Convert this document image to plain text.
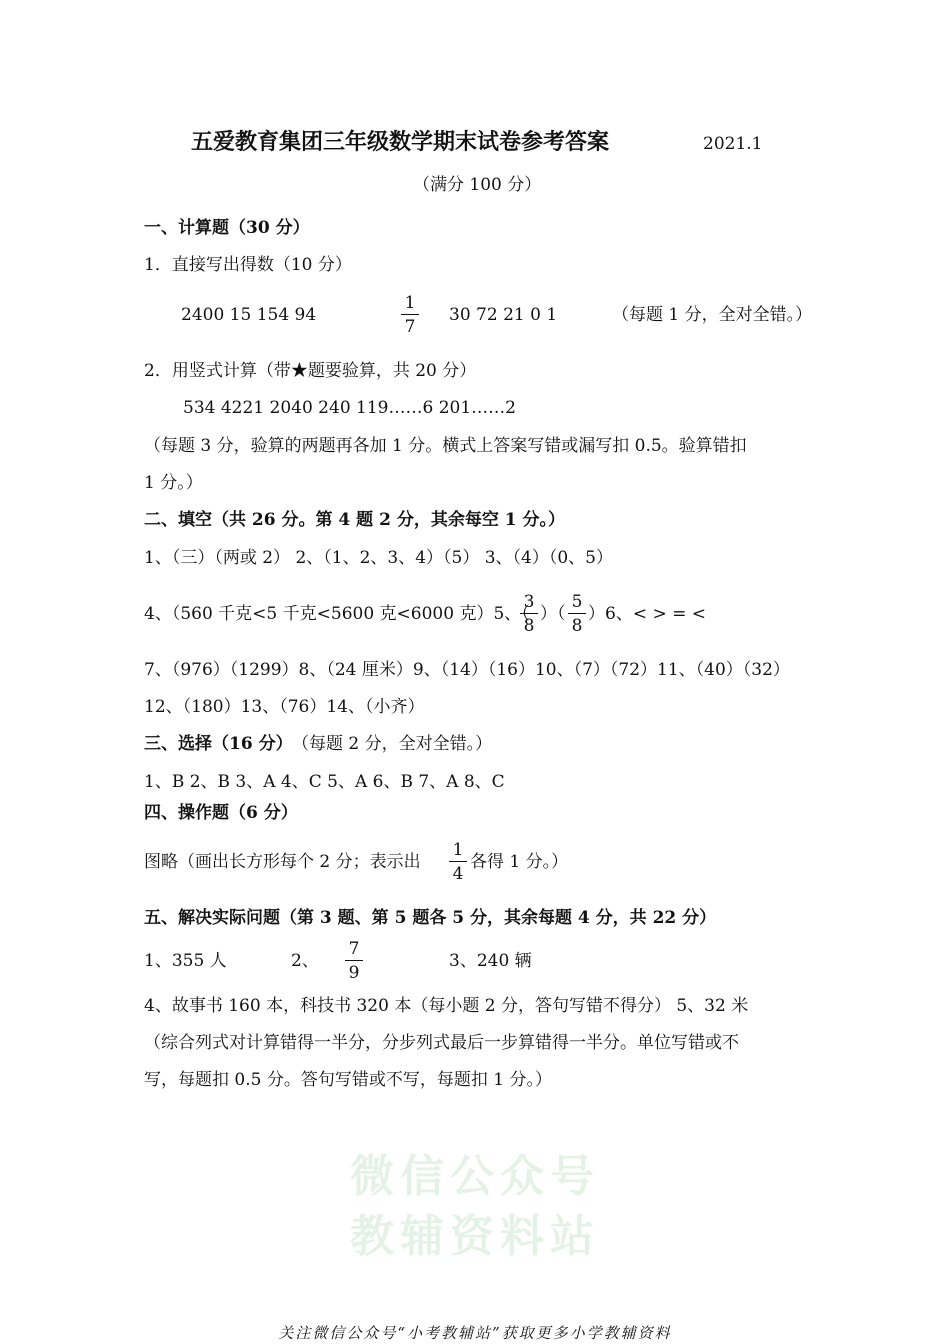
微信公众号
教辅资料站
五爱教育集团三年级数学期末试卷参考答案	2021.1
（满分 100 分）
一、计算题（30 分）
1．直接写出得数（10 分）
2400 15 154 94
1
7
30 72 21 0 1	（每题 1 分，全对全错。）
2．用竖式计算（带★题要验算，共 20 分）
534 4221 2040 240 119……6 201……2
（每题 3 分，验算的两题再各加 1 分。横式上答案写错或漏写扣 0.5。验算错扣
1 分。）
二、填空（共 26 分。第 4 题 2 分，其余每空 1 分。）
1、（三）（两或 2） 2、（1、2、3、4）（5） 3、（4）（0、5）
4、（560 千克<5 千克<5600 克<6000 克）5、（
3
8
）（
5
8
）6、< > = <
7、（976）（1299）8、（24 厘米）9、（14）（16）10、（7）（72）11、（40）（32）
12、（180）13、（76）14、（小齐）
三、选择（16 分） （每题 2 分，全对全错。）
1、B 2、B 3、A 4、C 5、A 6、B 7、A 8、C
四、操作题（6 分）
图略（画出长方形每个 2 分；表示出
1
4
各得 1 分。）
五、解决实际问题（第 3 题、第 5 题各 5 分，其余每题 4 分，共 22 分）
1、355 人	2、
7
9
3、240 辆
4、故事书 160 本，科技书 320 本（每小题 2 分，答句写错不得分） 5、32 米
（综合列式对计算错得一半分，分步列式最后一步算错得一半分。单位写错或不
写，每题扣 0.5 分。答句写错或不写，每题扣 1 分。）
关注微信公众号“小考教辅站”获取更多小学教辅资料
